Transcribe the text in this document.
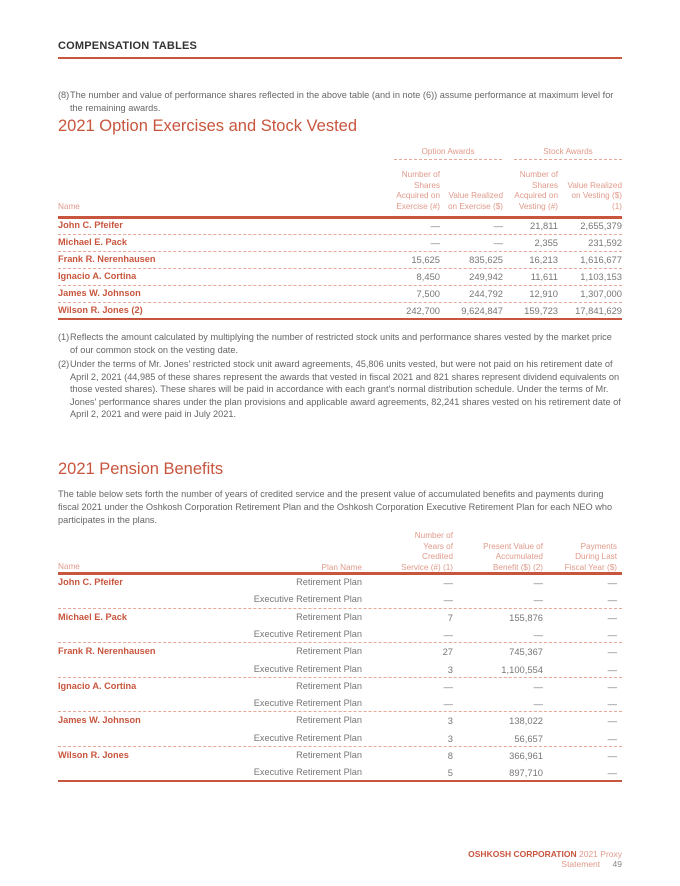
COMPENSATION TABLES
(8) The number and value of performance shares reflected in the above table (and in note (6)) assume performance at maximum level for the remaining awards.
2021 Option Exercises and Stock Vested
Option Awards	Stock Awards
Name
Number of Shares Acquired on Exercise (#)
Value Realized on Exercise ($)
Number of Shares Acquired on Vesting (#)
Value Realized on Vesting ($)(1)
John C. Pfeifer	—	—	21,811	2,655,379
Michael E. Pack	—	—	2,355	231,592
Frank R. Nerenhausen	15,625	835,625	16,213	1,616,677
Ignacio A. Cortina	8,450	249,942	11,611	1,103,153
James W. Johnson	7,500	244,792	12,910	1,307,000
Wilson R. Jones (2)	242,700	9,624,847	159,723	17,841,629
(1) Reflects the amount calculated by multiplying the number of restricted stock units and performance shares vested by the market price of our common stock on the vesting date.
(2) Under the terms of Mr. Jones' restricted stock unit award agreements, 45,806 units vested, but were not paid on his retirement date of April 2, 2021 (44,985 of these shares represent the awards that vested in fiscal 2021 and 821 shares represent dividend equivalents on those vested shares). These shares will be paid in accordance with each grant's normal distribution schedule. Under the terms of Mr. Jones' performance shares under the plan provisions and applicable award agreements, 82,241 shares vested on his retirement date of April 2, 2021 and were paid in July 2021.
2021 Pension Benefits
The table below sets forth the number of years of credited service and the present value of accumulated benefits and payments during fiscal 2021 under the Oshkosh Corporation Retirement Plan and the Oshkosh Corporation Executive Retirement Plan for each NEO who participates in the plans.
Name	Plan Name
Number of Years of Credited Service (#) (1)
Present Value of Accumulated Benefit ($) (2)
Payments During Last Fiscal Year ($)
John C. Pfeifer	Retirement Plan	—	—	—
Executive Retirement Plan	—	—	—
Michael E. Pack	Retirement Plan	7	155,876	—
Executive Retirement Plan	—	—	—
Frank R. Nerenhausen	Retirement Plan	27	745,367	—
Executive Retirement Plan	3	1,100,554	—
Ignacio A. Cortina	Retirement Plan	—	—	—
Executive Retirement Plan	—	—	—
James W. Johnson	Retirement Plan	3	138,022	—
Executive Retirement Plan	3	56,657	—
Wilson R. Jones	Retirement Plan	8	366,961	—
Executive Retirement Plan	5	897,710	—
OSHKOSH CORPORATION 2021 Proxy Statement 49
